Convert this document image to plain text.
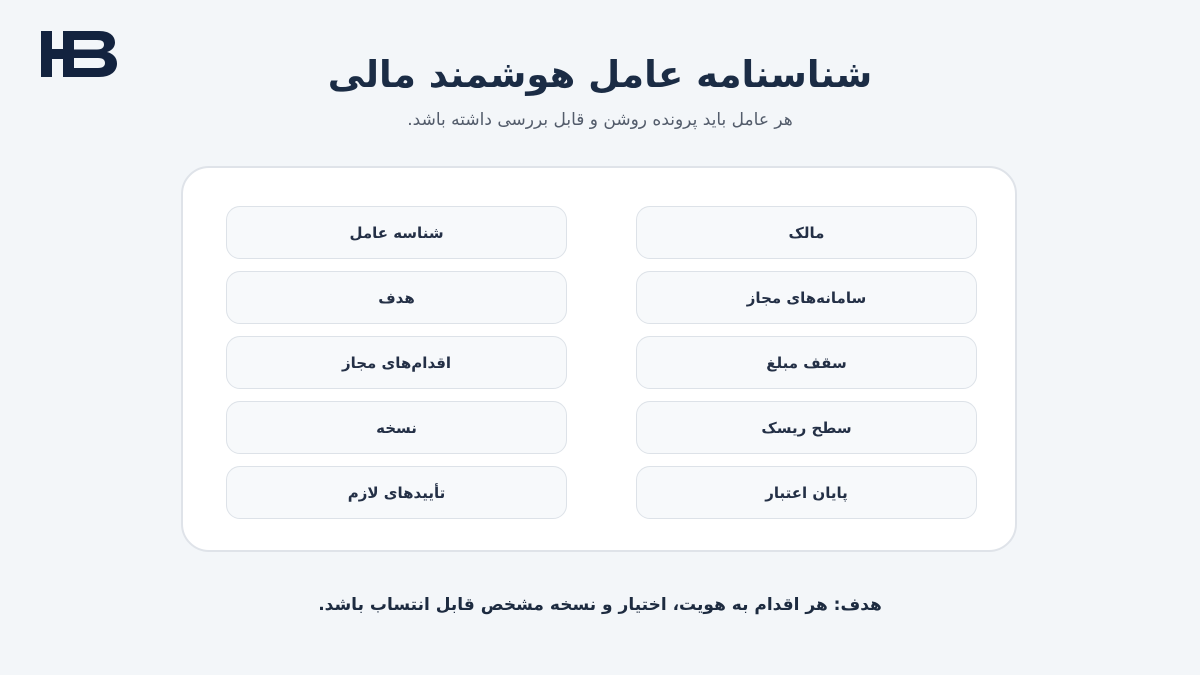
شناسنامه عامل هوشمند مالی

هر عامل باید پرونده روشن و قابل بررسی داشته باشد.

مالک
شناسه عامل
سامانه‌های مجاز
هدف
سقف مبلغ
اقدام‌های مجاز
سطح ریسک
نسخه
پایان اعتبار
تأییدهای لازم
هدف: هر اقدام به هویت، اختیار و نسخه مشخص قابل انتساب باشد.
